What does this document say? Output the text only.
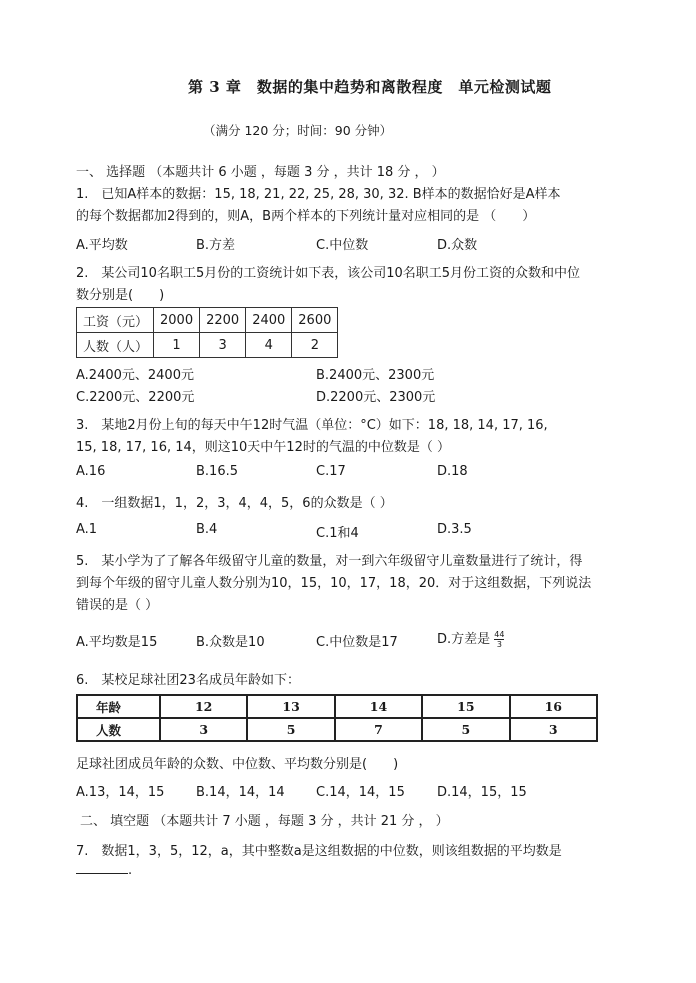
第 3 章　数据的集中趋势和离散程度　单元检测试题
（满分 120 分；时间：90 分钟）
一、 选择题 （本题共计 6 小题 ，每题 3 分 ，共计 18 分 ， ）
1.　已知A样本的数据：15, 18, 21, 22, 25, 28, 30, 32. B样本的数据恰好是A样本
的每个数据都加2得到的，则A，B两个样本的下列统计量对应相同的是 （　　）
A.平均数	B.方差	C.中位数	D.众数
2.　某公司10名职工5月份的工资统计如下表，该公司10名职工5月份工资的众数和中位
数分别是(　　)
工资（元）	2000	2200	2400	2600
人数（人）	1	3	4	2
A.2400元、2400元	B.2400元、2300元
C.2200元、2200元	D.2200元、2300元
3.　某地2月份上旬的每天中午12时气温（单位：°C）如下：18, 18, 14, 17, 16,
15, 18, 17, 16, 14，则这10天中午12时的气温的中位数是（ ）
A.16	B.16.5	C.17	D.18
4.　一组数据1，1，2，3，4，4，5，6的众数是（ ）
A.1	B.4	C.1和4	D.3.5
5.　某小学为了了解各年级留守儿童的数量，对一到六年级留守儿童数量进行了统计，得
到每个年级的留守儿童人数分别为10，15，10，17，18，20．对于这组数据，下列说法
错误的是（ ）
A.平均数是15	B.众数是10	C.中位数是17	D.方差是 $\frac{44}{3}$
6.　某校足球社团23名成员年龄如下：
年龄	12	13	14	15	16
人数	3	5	7	5	3
足球社团成员年龄的众数、中位数、平均数分别是(　　)
A.13，14，15 B.14，14，14 C.14，14，15 D.14，15，15
二、 填空题 （本题共计 7 小题 ，每题 3 分 ，共计 21 分 ， ）
7.　数据1，3，5，12，a，其中整数a是这组数据的中位数，则该组数据的平均数是
.
